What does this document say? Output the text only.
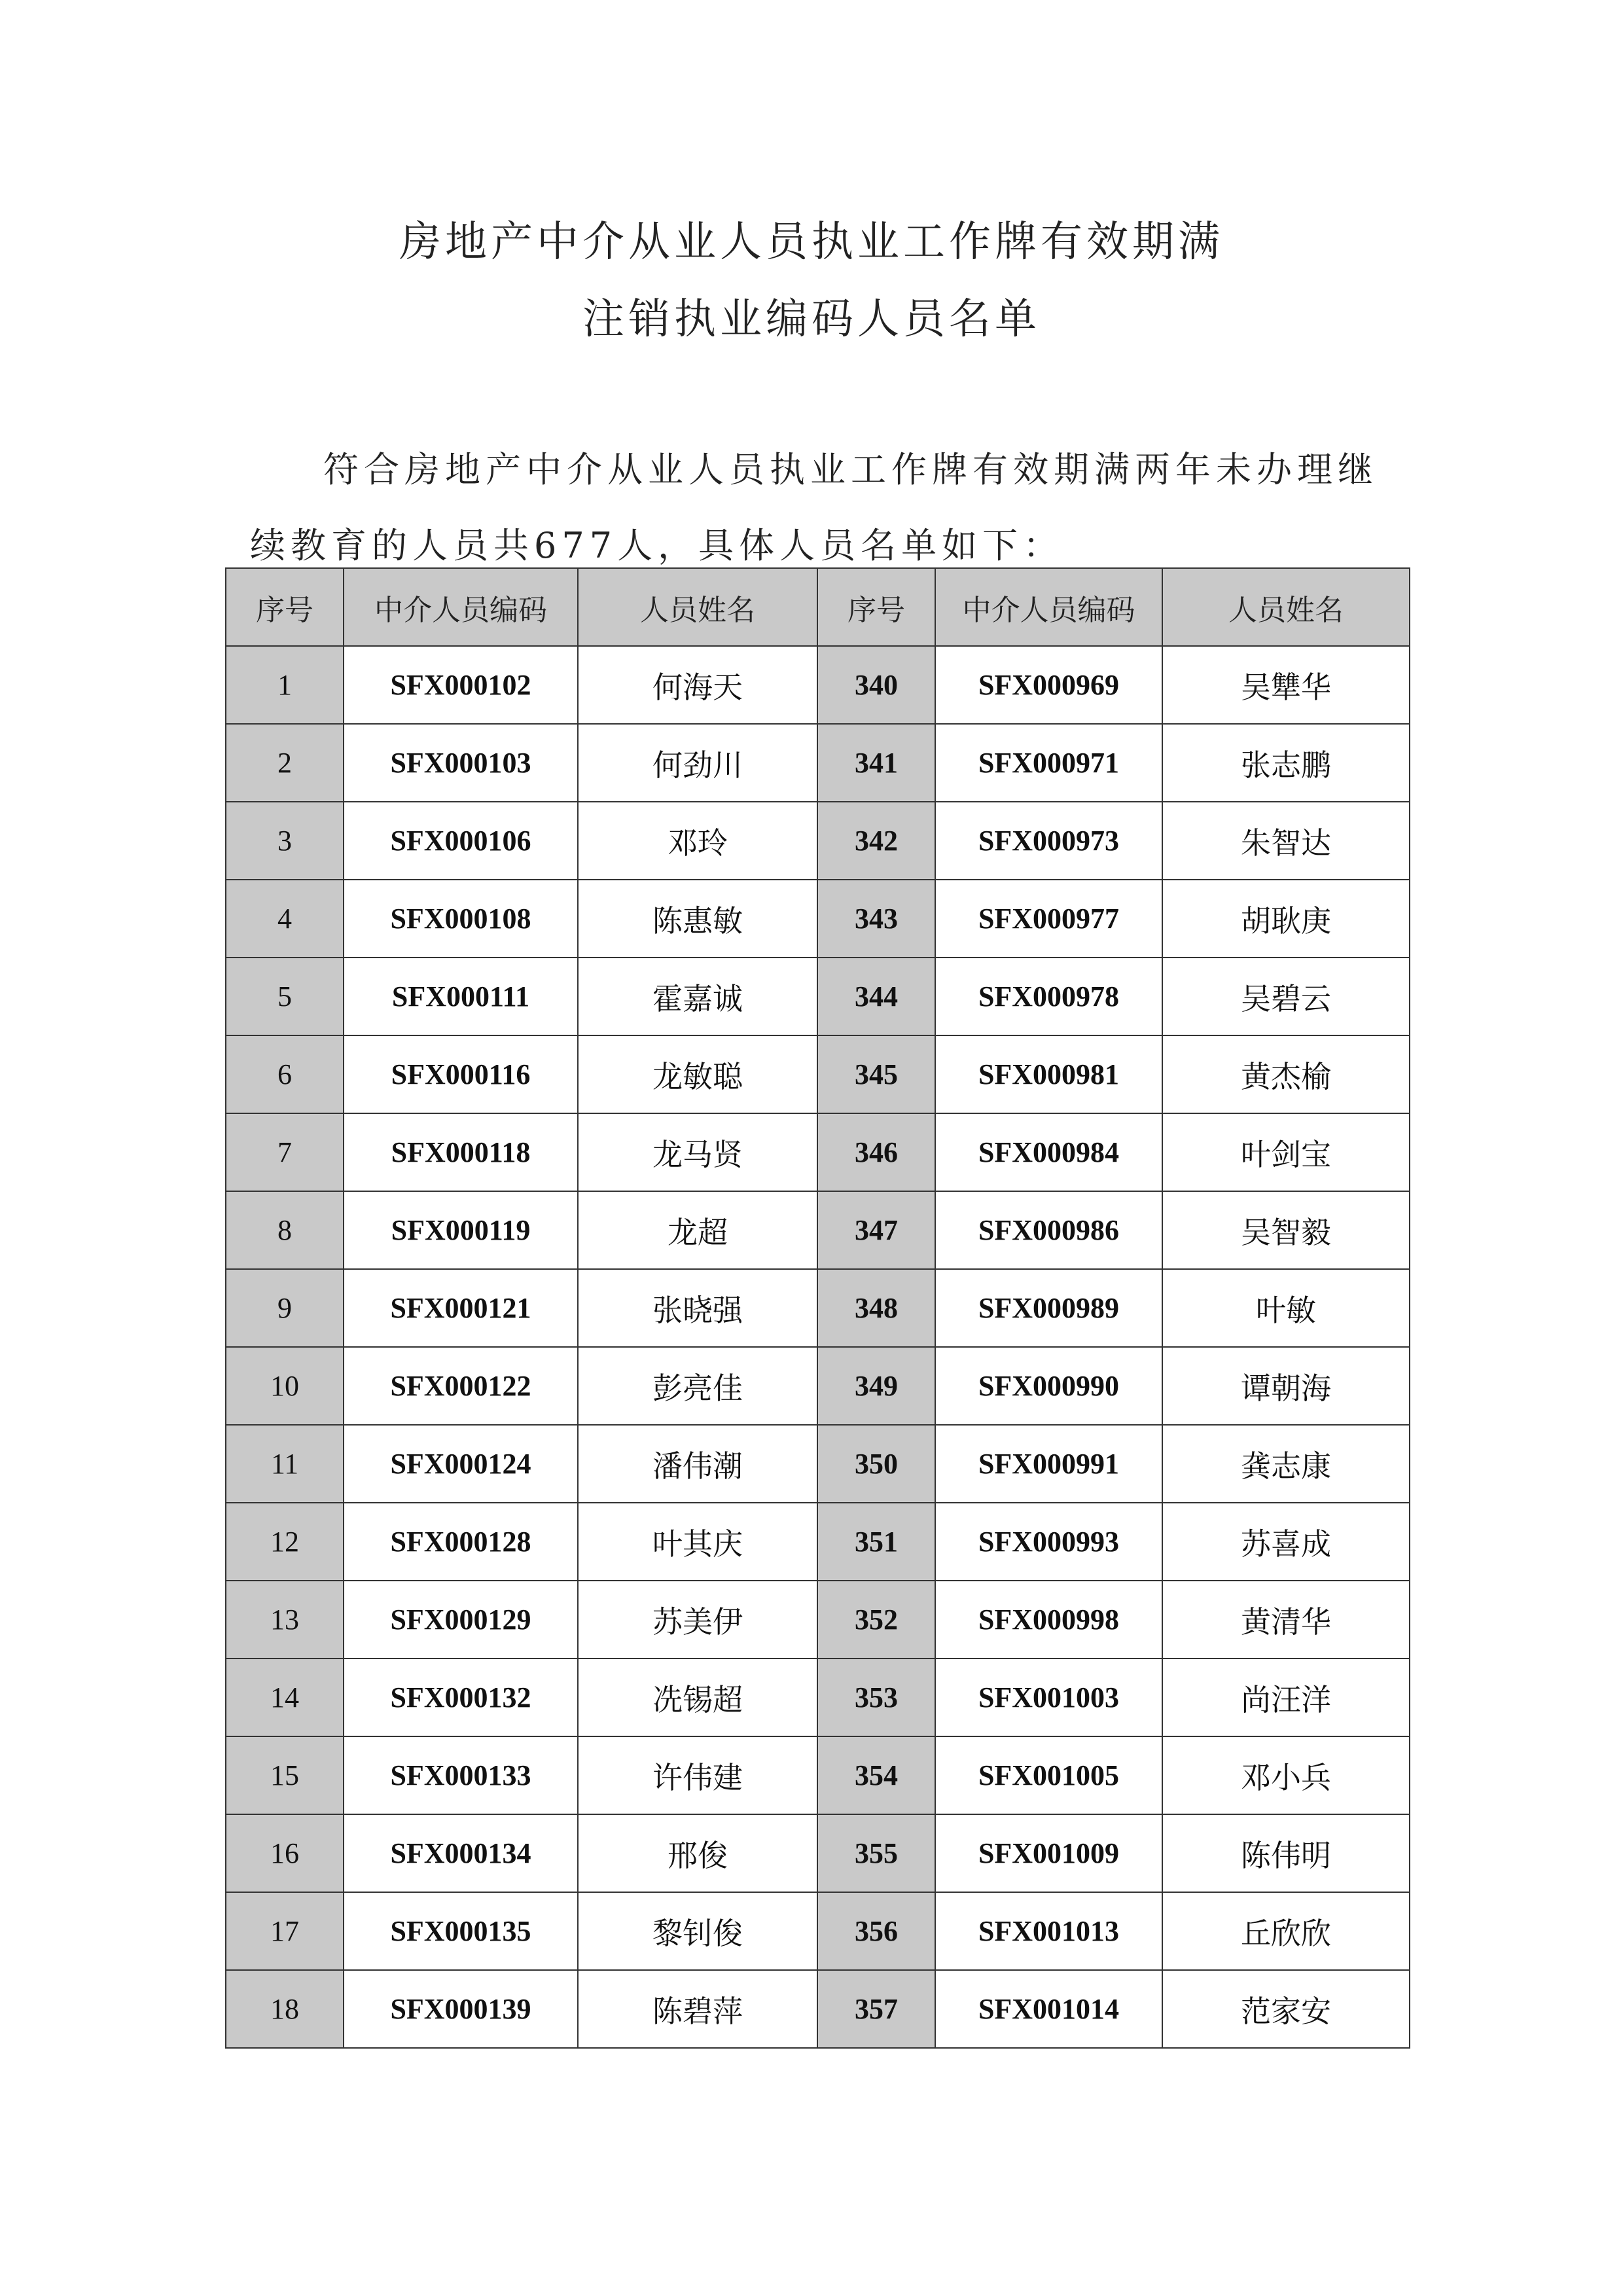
房地产中介从业人员执业工作牌有效期满
注销执业编码人员名单

符合房地产中介从业人员执业工作牌有效期满两年未办理继续教育的人员共677人，具体人员名单如下：

序号	中介人员编码	人员姓名	序号	中介人员编码	人员姓名
1	SFX000102	何海天	340	SFX000969	吴犨华
2	SFX000103	何劲川	341	SFX000971	张志鹏
3	SFX000106	邓玲	342	SFX000973	朱智达
4	SFX000108	陈惠敏	343	SFX000977	胡耿庚
5	SFX000111	霍嘉诚	344	SFX000978	吴碧云
6	SFX000116	龙敏聪	345	SFX000981	黄杰榆
7	SFX000118	龙马贤	346	SFX000984	叶剑宝
8	SFX000119	龙超	347	SFX000986	吴智毅
9	SFX000121	张晓强	348	SFX000989	叶敏
10	SFX000122	彭亮佳	349	SFX000990	谭朝海
11	SFX000124	潘伟潮	350	SFX000991	龚志康
12	SFX000128	叶其庆	351	SFX000993	苏喜成
13	SFX000129	苏美伊	352	SFX000998	黄清华
14	SFX000132	冼锡超	353	SFX001003	尚汪洋
15	SFX000133	许伟建	354	SFX001005	邓小兵
16	SFX000134	邢俊	355	SFX001009	陈伟明
17	SFX000135	黎钊俊	356	SFX001013	丘欣欣
18	SFX000139	陈碧萍	357	SFX001014	范家安
